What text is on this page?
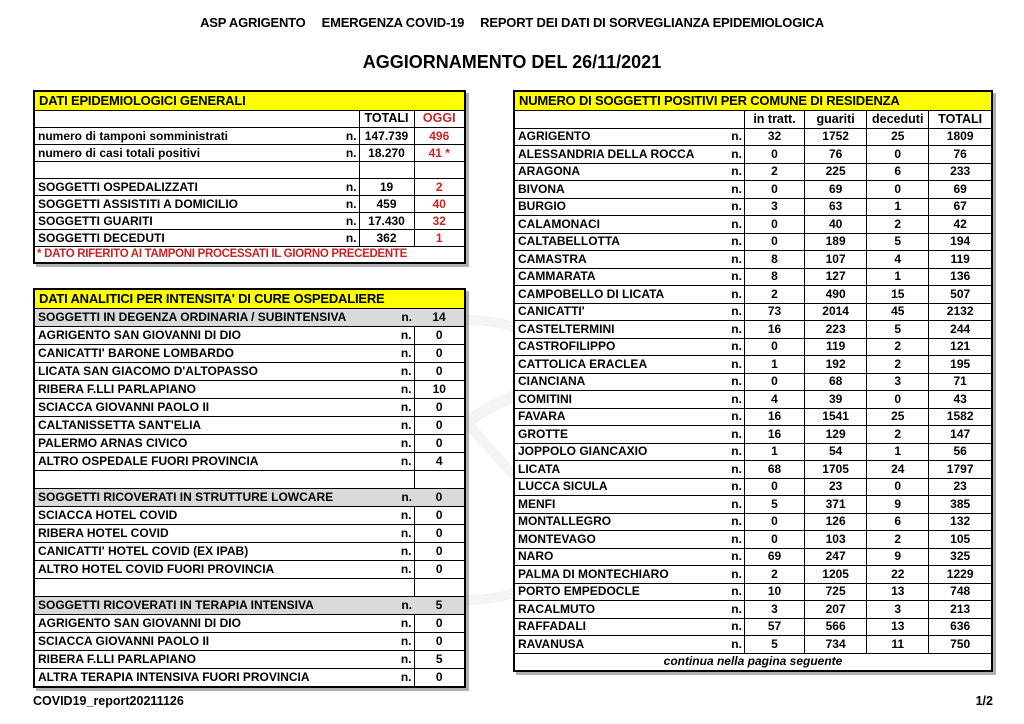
ASP AGRIGENTO EMERGENZA COVID-19 REPORT DEI DATI DI SORVEGLIANZA EPIDEMIOLOGICA
AGGIORNAMENTO DEL 26/11/2021
DATI EPIDEMIOLOGICI GENERALI			
		TOTALI	OGGI
numero di tamponi somministrati	n.	147.739	496
numero di casi totali positivi	n.	18.270	41 *

SOGGETTI OSPEDALIZZATI	n.	19	2
SOGGETTI ASSISTITI A DOMICILIO	n.	459	40
SOGGETTI GUARITI	n.	17.430	32
SOGGETTI DECEDUTI	n.	362	1
* DATO RIFERITO AI TAMPONI PROCESSATI IL GIORNO PRECEDENTE			
DATI ANALITICI PER INTENSITA' DI CURE OSPEDALIERE		
SOGGETTI IN DEGENZA ORDINARIA / SUBINTENSIVA	n.	14
AGRIGENTO SAN GIOVANNI DI DIO	n.	0
CANICATTI' BARONE LOMBARDO	n.	0
LICATA SAN GIACOMO D'ALTOPASSO	n.	0
RIBERA F.LLI PARLAPIANO	n.	10
SCIACCA GIOVANNI PAOLO II	n.	0
CALTANISSETTA SANT'ELIA	n.	0
PALERMO ARNAS CIVICO	n.	0
ALTRO OSPEDALE FUORI PROVINCIA	n.	4

SOGGETTI RICOVERATI IN STRUTTURE LOWCARE	n.	0
SCIACCA HOTEL COVID	n.	0
RIBERA HOTEL COVID	n.	0
CANICATTI' HOTEL COVID (EX IPAB)	n.	0
ALTRO HOTEL COVID FUORI PROVINCIA	n.	0

SOGGETTI RICOVERATI IN TERAPIA INTENSIVA	n.	5
AGRIGENTO SAN GIOVANNI DI DIO	n.	0
SCIACCA GIOVANNI PAOLO II	n.	0
RIBERA F.LLI PARLAPIANO	n.	5
ALTRA TERAPIA INTENSIVA FUORI PROVINCIA	n.	0
NUMERO DI SOGGETTI POSITIVI PER COMUNE DI RESIDENZA					
		in tratt.	guariti	deceduti	TOTALI
AGRIGENTO	n.	32	1752	25	1809
ALESSANDRIA DELLA ROCCA	n.	0	76	0	76
ARAGONA	n.	2	225	6	233
BIVONA	n.	0	69	0	69
BURGIO	n.	3	63	1	67
CALAMONACI	n.	0	40	2	42
CALTABELLOTTA	n.	0	189	5	194
CAMASTRA	n.	8	107	4	119
CAMMARATA	n.	8	127	1	136
CAMPOBELLO DI LICATA	n.	2	490	15	507
CANICATTI'	n.	73	2014	45	2132
CASTELTERMINI	n.	16	223	5	244
CASTROFILIPPO	n.	0	119	2	121
CATTOLICA ERACLEA	n.	1	192	2	195
CIANCIANA	n.	0	68	3	71
COMITINI	n.	4	39	0	43
FAVARA	n.	16	1541	25	1582
GROTTE	n.	16	129	2	147
JOPPOLO GIANCAXIO	n.	1	54	1	56
LICATA	n.	68	1705	24	1797
LUCCA SICULA	n.	0	23	0	23
MENFI	n.	5	371	9	385
MONTALLEGRO	n.	0	126	6	132
MONTEVAGO	n.	0	103	2	105
NARO	n.	69	247	9	325
PALMA DI MONTECHIARO	n.	2	1205	22	1229
PORTO EMPEDOCLE	n.	10	725	13	748
RACALMUTO	n.	3	207	3	213
RAFFADALI	n.	57	566	13	636
RAVANUSA	n.	5	734	11	750
continua nella pagina seguente					
COVID19_report20211126	1/2
